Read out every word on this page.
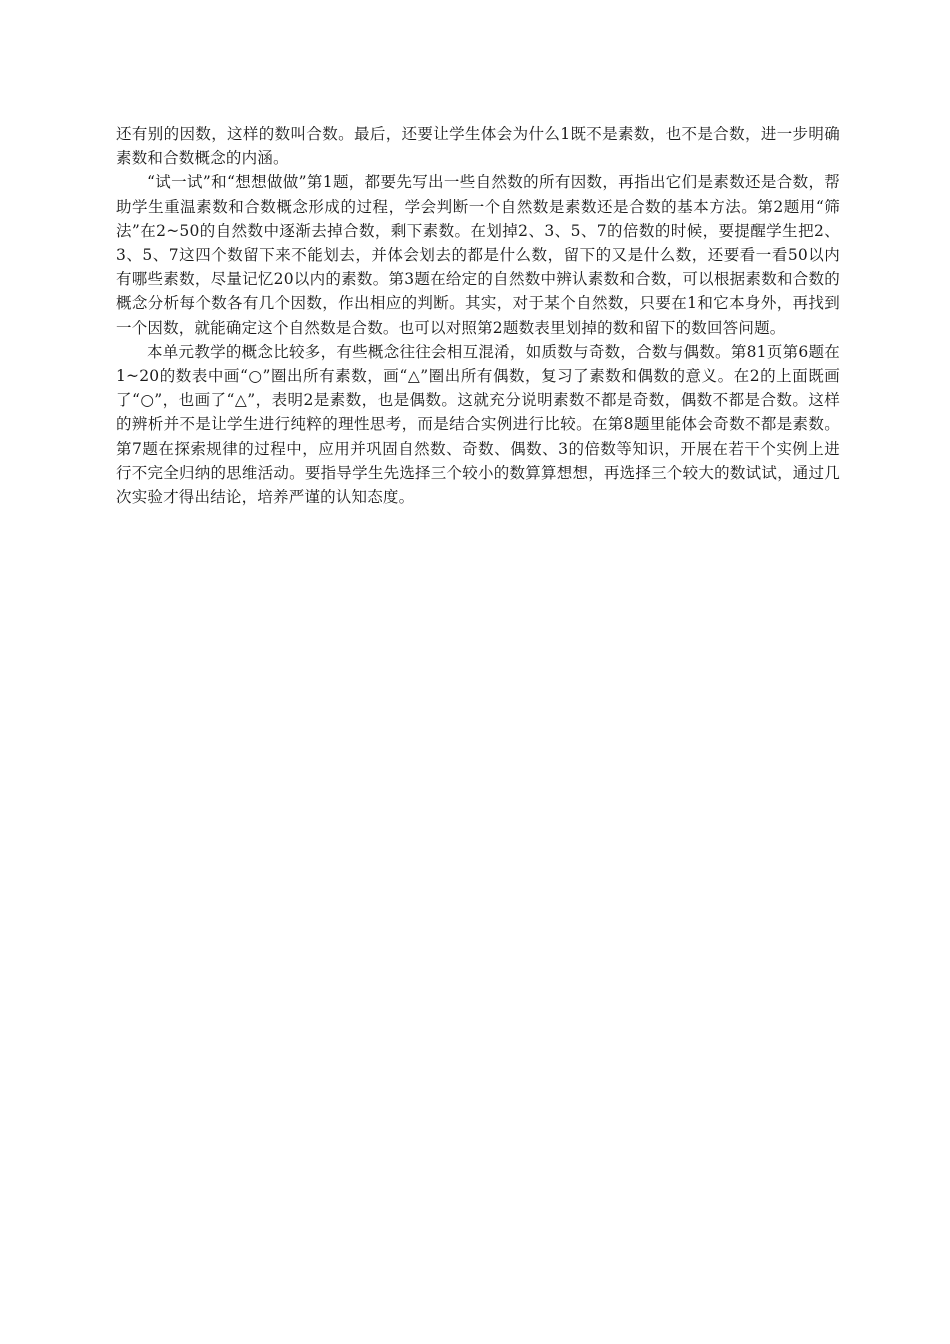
还有别的因数，这样的数叫合数。最后，还要让学生体会为什么1既不是素数，也不是合数，进一步明确素数和合数概念的内涵。

“试一试”和“想想做做”第1题，都要先写出一些自然数的所有因数，再指出它们是素数还是合数，帮助学生重温素数和合数概念形成的过程，学会判断一个自然数是素数还是合数的基本方法。第2题用“筛法”在2~50的自然数中逐渐去掉合数，剩下素数。在划掉2、3、5、7的倍数的时候，要提醒学生把2、3、5、7这四个数留下来不能划去，并体会划去的都是什么数，留下的又是什么数，还要看一看50以内有哪些素数，尽量记忆20以内的素数。第3题在给定的自然数中辨认素数和合数，可以根据素数和合数的概念分析每个数各有几个因数，作出相应的判断。其实，对于某个自然数，只要在1和它本身外，再找到一个因数，就能确定这个自然数是合数。也可以对照第2题数表里划掉的数和留下的数回答问题。

本单元教学的概念比较多，有些概念往往会相互混淆，如质数与奇数，合数与偶数。第81页第6题在1~20的数表中画“○”圈出所有素数，画“△”圈出所有偶数，复习了素数和偶数的意义。在2的上面既画了“○”，也画了“△”，表明2是素数，也是偶数。这就充分说明素数不都是奇数，偶数不都是合数。这样的辨析并不是让学生进行纯粹的理性思考，而是结合实例进行比较。在第8题里能体会奇数不都是素数。第7题在探索规律的过程中，应用并巩固自然数、奇数、偶数、3的倍数等知识，开展在若干个实例上进行不完全归纳的思维活动。要指导学生先选择三个较小的数算算想想，再选择三个较大的数试试，通过几次实验才得出结论，培养严谨的认知态度。
